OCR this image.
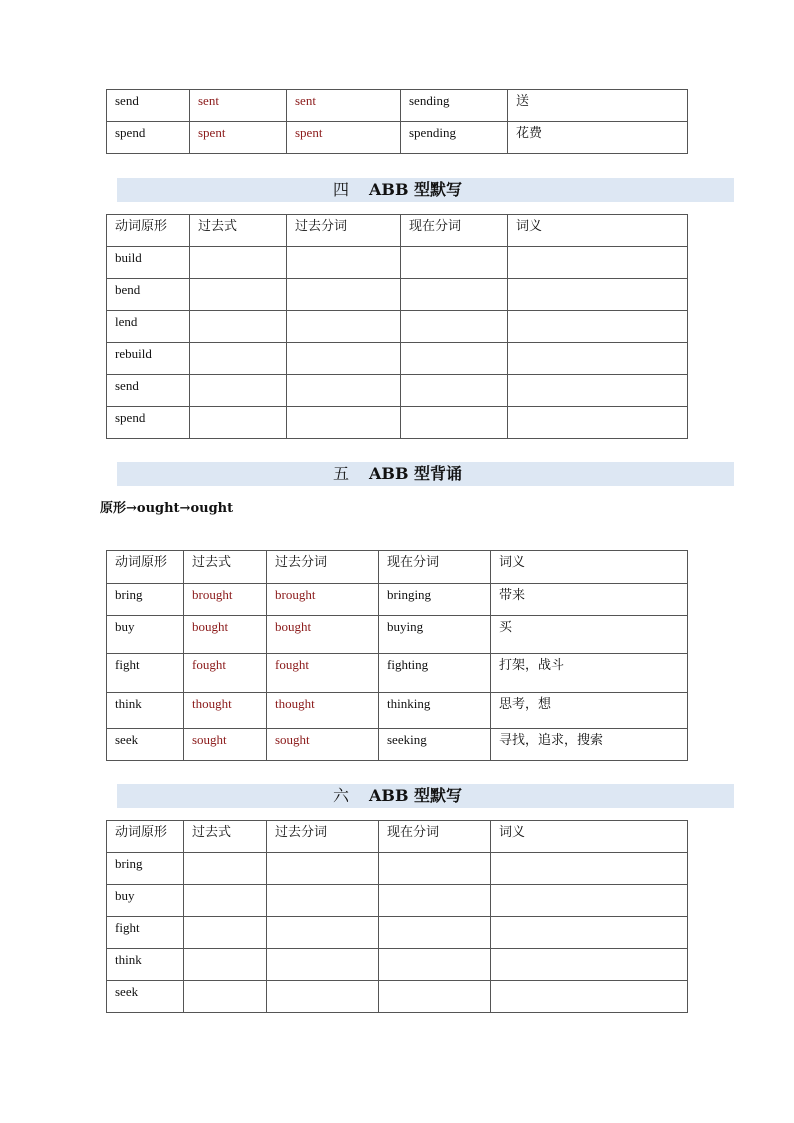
send	sent	sent	sending	送
spend	spent	spent	spending	花费
四 ABB 型默写
动词原形	过去式	过去分词	现在分词	词义
build				
bend				
lend				
rebuild				
send				
spend				
五 ABB 型背诵
原形→ought→ought
动词原形	过去式	过去分词	现在分词	词义
bring	brought	brought	bringing	带来
buy	bought	bought	buying	买
fight	fought	fought	fighting	打架，战斗
think	thought	thought	thinking	思考，想
seek	sought	sought	seeking	寻找，追求，搜索
六 ABB 型默写
动词原形	过去式	过去分词	现在分词	词义
bring				
buy				
fight				
think				
seek				
